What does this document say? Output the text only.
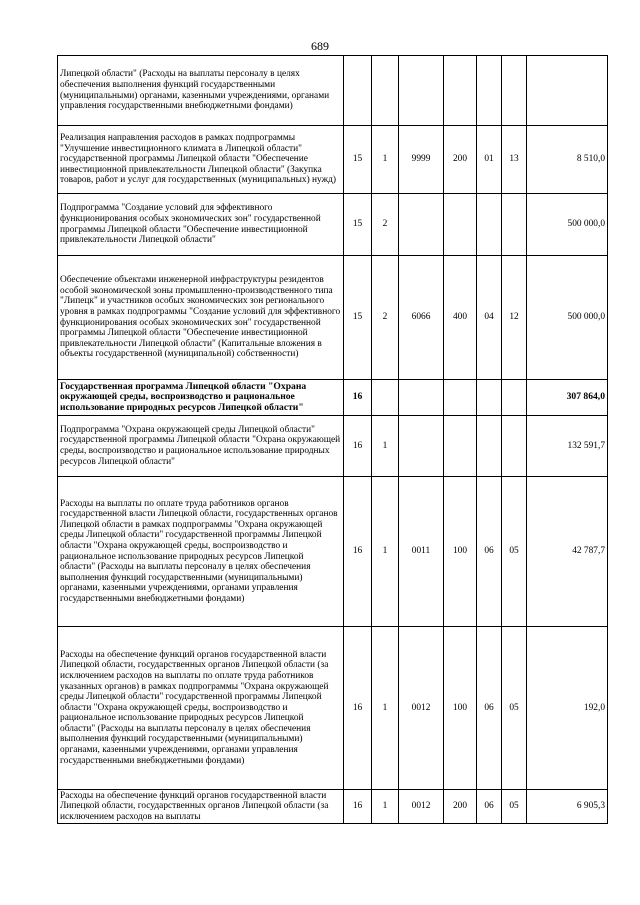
689
Липецкой области" (Расходы на выплаты персоналу в целях обеспечения выполнения функций государственными (муниципальными) органами, казенными учреждениями, органами управления государственными внебюджетными фондами)							
Реализация направления расходов в рамках подпрограммы "Улучшение инвестиционного климата в Липецкой области" государственной программы Липецкой области "Обеспечение инвестиционной привлекательности Липецкой области" (Закупка товаров, работ и услуг для государственных (муниципальных) нужд)	15	1	9999	200	01	13	8 510,0
Подпрограмма "Создание условий для эффективного функционирования особых экономических зон" государственной программы Липецкой области "Обеспечение инвестиционной привлекательности Липецкой области"	15	2					500 000,0
Обеспечение объектами инженерной инфраструктуры резидентов особой экономической зоны промышленно-производственного типа "Липецк" и участников особых экономических зон регионального уровня в рамках подпрограммы "Создание условий для эффективного функционирования особых экономических зон" государственной программы Липецкой области "Обеспечение инвестиционной привлекательности Липецкой области" (Капитальные вложения в объекты государственной (муниципальной) собственности)	15	2	6066	400	04	12	500 000,0
Государственная программа Липецкой области "Охрана окружающей среды, воспроизводство и рациональное использование природных ресурсов Липецкой области"	16						307 864,0
Подпрограмма "Охрана окружающей среды Липецкой области" государственной программы Липецкой области "Охрана окружающей среды, воспроизводство и рациональное использование природных ресурсов Липецкой области"	16	1					132 591,7
Расходы на выплаты по оплате труда работников органов государственной власти Липецкой области, государственных органов Липецкой области в рамках подпрограммы "Охрана окружающей среды Липецкой области" государственной программы Липецкой области "Охрана окружающей среды, воспроизводство и рациональное использование природных ресурсов Липецкой области" (Расходы на выплаты персоналу в целях обеспечения выполнения функций государственными (муниципальными) органами, казенными учреждениями, органами управления государственными внебюджетными фондами)	16	1	0011	100	06	05	42 787,7
Расходы на обеспечение функций органов государственной власти Липецкой области, государственных органов Липецкой области (за исключением расходов на выплаты по оплате труда работников указанных органов) в рамках подпрограммы "Охрана окружающей среды Липецкой области" государственной программы Липецкой области "Охрана окружающей среды, воспроизводство и рациональное использование природных ресурсов Липецкой области" (Расходы на выплаты персоналу в целях обеспечения выполнения функций государственными (муниципальными) органами, казенными учреждениями, органами управления государственными внебюджетными фондами)	16	1	0012	100	06	05	192,0
Расходы на обеспечение функций органов государственной власти Липецкой области, государственных органов Липецкой области (за исключением расходов на выплаты	16	1	0012	200	06	05	6 905,3
